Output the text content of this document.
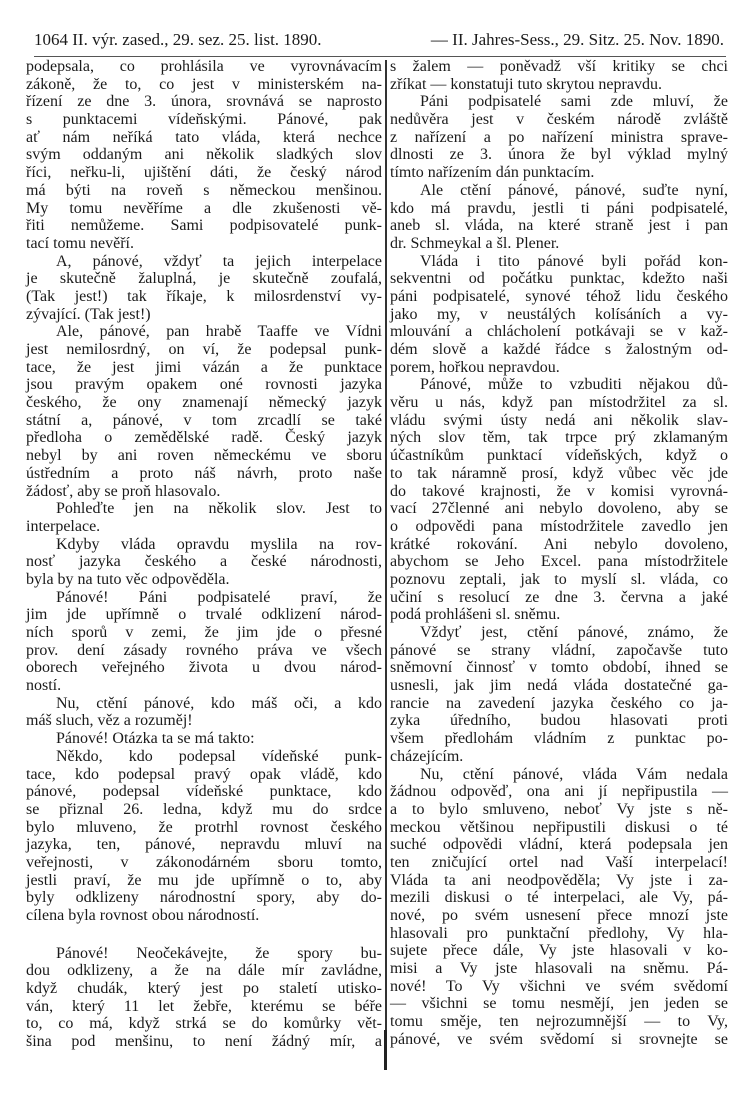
1064 II. výr. zased., 29. sez. 25. list. 1890.	— II. Jahres-Sess., 29. Sitz. 25. Nov. 1890.
podepsala, co prohlásila ve vyrovnávacím
zákoně, že to, co jest v ministerském na-
řízení ze dne 3. února, srovnává se naprosto
s punktacemi vídeňskými. Pánové, pak
ať nám neříká tato vláda, která nechce
svým oddaným ani několik sladkých slov
říci, neřku-li, ujištění dáti, že český národ
má býti na roveň s německou menšinou.
My tomu nevěříme a dle zkušenosti vě-
řiti nemůžeme. Sami podpisovatelé punk-
tací tomu nevěří.
A, pánové, vždyť ta jejich interpelace
je skutečně žaluplná, je skutečně zoufalá,
(Tak jest!) tak říkaje, k milosrdenství vy-
zývající. (Tak jest!)
Ale, pánové, pan hrabě Taaffe ve Vídni
jest nemilosrdný, on ví, že podepsal punk-
tace, že jest jimi vázán a že punktace
jsou pravým opakem oné rovnosti jazyka
českého, že ony znamenají německý jazyk
státní a, pánové, v tom zrcadlí se také
předloha o zemědělské radě. Český jazyk
nebyl by ani roven německému ve sboru
ústředním a proto náš návrh, proto naše
žádosť, aby se proň hlasovalo.
Pohleďte jen na několik slov. Jest to
interpelace.
Kdyby vláda opravdu myslila na rov-
nosť jazyka českého a české národnosti,
byla by na tuto věc odpověděla.
Pánové! Páni podpisatelé praví, že
jim jde upřímně o trvalé odklizení národ-
ních sporů v zemi, že jim jde o přesné
prov. dení zásady rovného práva ve všech
oborech veřejného života u dvou národ-
ností.
Nu, ctění pánové, kdo máš oči, a kdo
máš sluch, věz a rozuměj!
Pánové! Otázka ta se má takto:
Někdo, kdo podepsal vídeňské punk-
tace, kdo podepsal pravý opak vládě, kdo
pánové, podepsal vídeňské punktace, kdo
se přiznal 26. ledna, když mu do srdce
bylo mluveno, že protrhl rovnost českého
jazyka, ten, pánové, nepravdu mluví na
veřejnosti, v zákonodárném sboru tomto,
jestli praví, že mu jde upřímně o to, aby
byly odklizeny národnostní spory, aby do-
cílena byla rovnost obou národností.
Pánové! Neočekávejte, že spory bu-
dou odklizeny, a že na dále mír zavládne,
když chudák, který jest po staletí utisko-
ván, který 11 let žebře, kterému se béře
to, co má, když strká se do komůrky vět-
šina pod menšinu, to není žádný mír, a
s žalem — poněvadž vší kritiky se chci
zříkat — konstatuji tuto skrytou nepravdu.
Páni podpisatelé sami zde mluví, že
nedůvěra jest v českém národě zvláště
z nařízení a po nařízení ministra sprave-
dlnosti ze 3. února že byl výklad mylný
tímto nařízením dán punktacím.
Ale ctění pánové, pánové, suďte nyní,
kdo má pravdu, jestli ti páni podpisatelé,
aneb sl. vláda, na které straně jest i pan
dr. Schmeykal a šl. Plener.
Vláda i tito pánové byli pořád kon-
sekventni od počátku punktac, kdežto naši
páni podpisatelé, synové téhož lidu českého
jako my, v neustálých kolísáních a vy-
mlouvání a chlácholení potkávaji se v kaž-
dém slově a každé řádce s žalostným od-
porem, hořkou nepravdou.
Pánové, může to vzbuditi nějakou dů-
věru u nás, když pan místodržitel za sl.
vládu svými ústy nedá ani několik slav-
ných slov těm, tak trpce prý zklamaným
účastníkům punktací vídeňských, když o
to tak náramně prosí, když vůbec věc jde
do takové krajnosti, že v komisi vyrovná-
vací 27členné ani nebylo dovoleno, aby se
o odpovědi pana místodržitele zavedlo jen
krátké rokování. Ani nebylo dovoleno,
abychom se Jeho Excel. pana místodržitele
poznovu zeptali, jak to myslí sl. vláda, co
učiní s resolucí ze dne 3. června a jaké
podá prohlášeni sl. sněmu.
Vždyť jest, ctění pánové, známo, že
pánové se strany vládní, započavše tuto
sněmovní činnosť v tomto období, ihned se
usnesli, jak jim nedá vláda dostatečné ga-
rancie na zavedení jazyka českého co ja-
zyka úředního, budou hlasovati proti
všem předlohám vládním z punktac po-
cházejícím.
Nu, ctění pánové, vláda Vám nedala
žádnou odpověď, ona ani jí nepřipustila —
a to bylo smluveno, neboť Vy jste s ně-
meckou většinou nepřipustili diskusi o té
suché odpovědi vládní, která podepsala jen
ten zničující ortel nad Vaší interpelací!
Vláda ta ani neodpověděla; Vy jste i za-
mezili diskusi o té interpelaci, ale Vy, pá-
nové, po svém usnesení přece mnozí jste
hlasovali pro punktační předlohy, Vy hla-
sujete přece dále, Vy jste hlasovali v ko-
misi a Vy jste hlasovali na sněmu. Pá-
nové! To Vy všichni ve svém svědomí
— všichni se tomu nesmějí, jen jeden se
tomu směje, ten nejrozumnější — to Vy,
pánové, ve svém svědomí si srovnejte se
